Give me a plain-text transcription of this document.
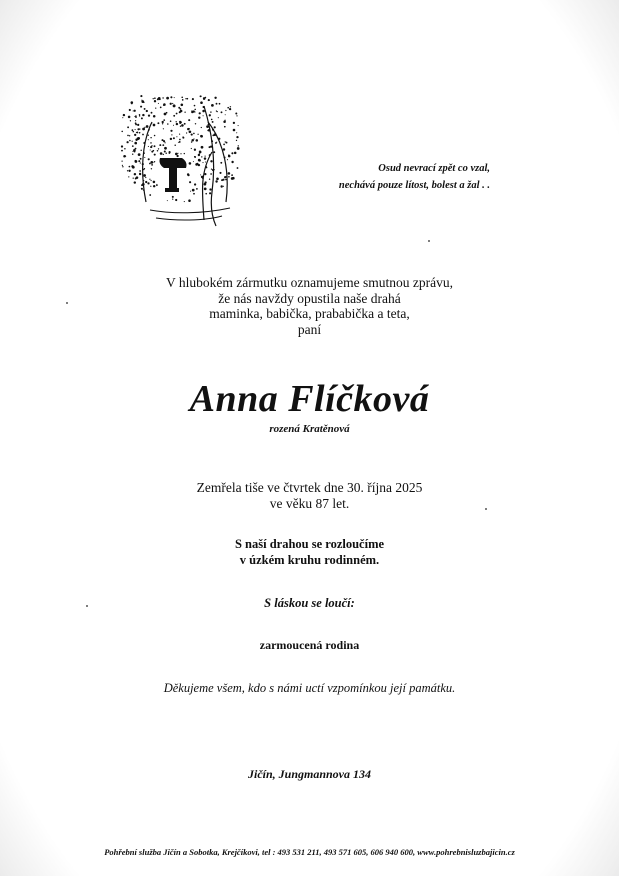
Osud nevrací zpět co vzal,
nechává pouze lítost, bolest a žal . .
V hlubokém zármutku oznamujeme smutnou zprávu,
že nás navždy opustila naše drahá
maminka, babička, prababička a teta,
paní
Anna Flíčková
rozená Kratěnová
Zemřela tiše ve čtvrtek dne 30. října 2025
ve věku 87 let.
S naší drahou se rozloučíme
v úzkém kruhu rodinném.
S láskou se loučí:
zarmoucená rodina
Děkujeme všem, kdo s námi uctí vzpomínkou její památku.
Jičín, Jungmannova 134
Pohřební služba Jičín a Sobotka, Krejčíkovi, tel : 493 531 211, 493 571 605, 606 940 600, www.pohrebnisluzbajicin.cz
